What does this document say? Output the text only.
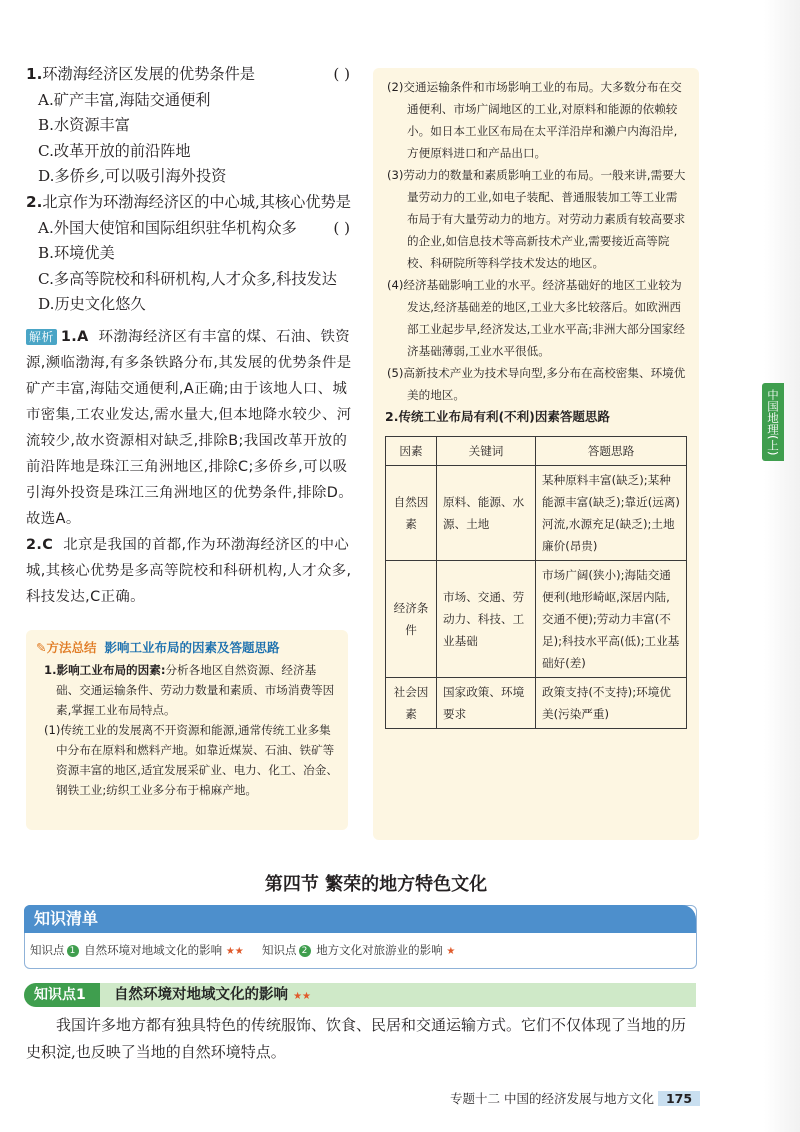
1.环渤海经济区发展的优势条件是	( )
A.矿产丰富,海陆交通便利
B.水资源丰富
C.改革开放的前沿阵地
D.多侨乡,可以吸引海外投资
2.北京作为环渤海经济区的中心城,其核心优势是
( )
A.外国大使馆和国际组织驻华机构众多
B.环境优美
C.多高等院校和科研机构,人才众多,科技发达
D.历史文化悠久
解析 1.A 环渤海经济区有丰富的煤、石油、铁资源,濒临渤海,有多条铁路分布,其发展的优势条件是矿产丰富,海陆交通便利,A正确;由于该地人口、城市密集,工农业发达,需水量大,但本地降水较少、河流较少,故水资源相对缺乏,排除B;我国改革开放的前沿阵地是珠江三角洲地区,排除C;多侨乡,可以吸引海外投资是珠江三角洲地区的优势条件,排除D。故选A。
2.C 北京是我国的首都,作为环渤海经济区的中心城,其核心优势是多高等院校和科研机构,人才众多,科技发达,C正确。
✎方法总结 影响工业布局的因素及答题思路

1.影响工业布局的因素:分析各地区自然资源、经济基础、交通运输条件、劳动力数量和素质、市场消费等因素,掌握工业布局特点。

(1)传统工业的发展离不开资源和能源,通常传统工业多集中分布在原料和燃料产地。如靠近煤炭、石油、铁矿等资源丰富的地区,适宜发展采矿业、电力、化工、冶金、钢铁工业;纺织工业多分布于棉麻产地。

(2)交通运输条件和市场影响工业的布局。大多数分布在交通便利、市场广阔地区的工业,对原料和能源的依赖较小。如日本工业区布局在太平洋沿岸和濑户内海沿岸,方便原料进口和产品出口。

(3)劳动力的数量和素质影响工业的布局。一般来讲,需要大量劳动力的工业,如电子装配、普通服装加工等工业需布局于有大量劳动力的地方。对劳动力素质有较高要求的企业,如信息技术等高新技术产业,需要接近高等院校、科研院所等科学技术发达的地区。

(4)经济基础影响工业的水平。经济基础好的地区工业较为发达,经济基础差的地区,工业大多比较落后。如欧洲西部工业起步早,经济发达,工业水平高;非洲大部分国家经济基础薄弱,工业水平很低。

(5)高新技术产业为技术导向型,多分布在高校密集、环境优美的地区。

2.传统工业布局有利(不利)因素答题思路

因素	关键词	答题思路
自然因素	原料、能源、水源、土地	某种原料丰富(缺乏);某种能源丰富(缺乏);靠近(远离)河流,水源充足(缺乏);土地廉价(昂贵)
经济条件	市场、交通、劳动力、科技、工业基础	市场广阔(狭小);海陆交通便利(地形崎岖,深居内陆,交通不便);劳动力丰富(不足);科技水平高(低);工业基础好(差)
社会因素	国家政策、环境要求	政策支持(不支持);环境优美(污染严重)
中国地理(上)
第四节 繁荣的地方特色文化
知识清单
知识点 1 自然环境对地域文化的影响 ★★ 知识点 2 地方文化对旅游业的影响 ★
知识点1	自然环境对地域文化的影响 ★★
我国许多地方都有独具特色的传统服饰、饮食、民居和交通运输方式。它们不仅体现了当地的历史积淀,也反映了当地的自然环境特点。
专题十二 中国的经济发展与地方文化 175
